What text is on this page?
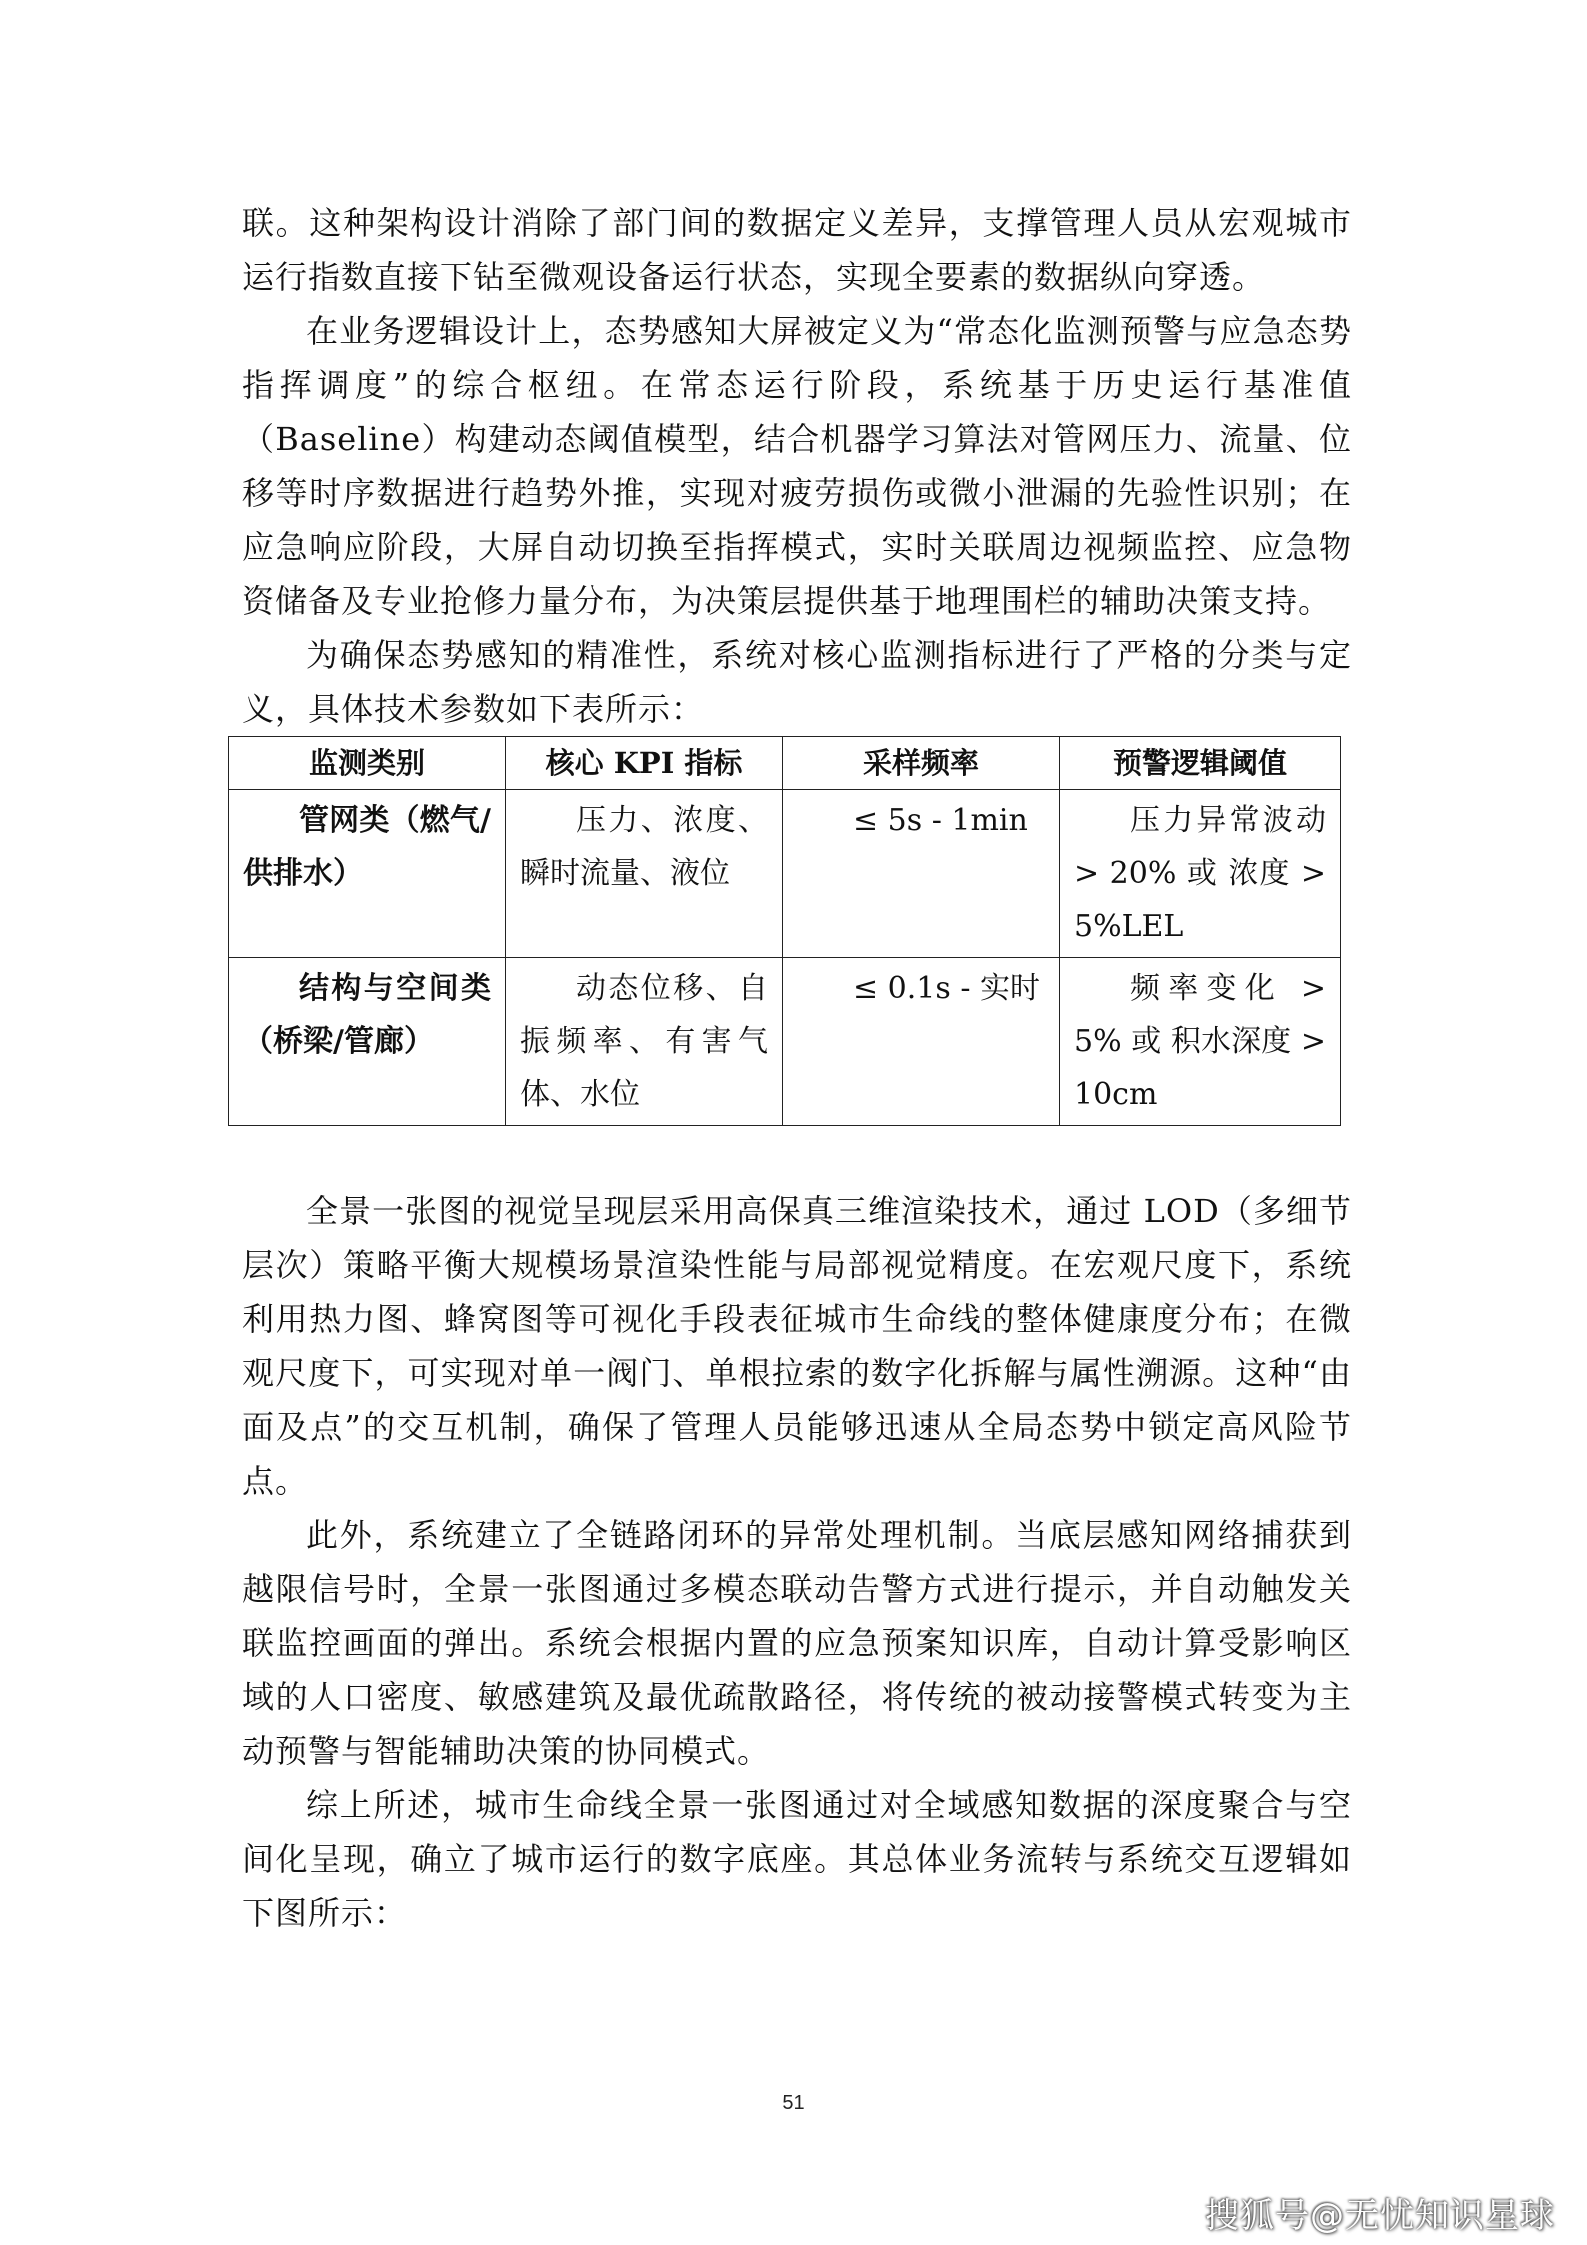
联。这种架构设计消除了部门间的数据定义差异，支撑管理人员从宏观城市运行指数直接下钻至微观设备运行状态，实现全要素的数据纵向穿透。

在业务逻辑设计上，态势感知大屏被定义为“常态化监测预警与应急态势指挥调度”的综合枢纽。在常态运行阶段，系统基于历史运行基准值（Baseline）构建动态阈值模型，结合机器学习算法对管网压力、流量、位移等时序数据进行趋势外推，实现对疲劳损伤或微小泄漏的先验性识别；在应急响应阶段，大屏自动切换至指挥模式，实时关联周边视频监控、应急物资储备及专业抢修力量分布，为决策层提供基于地理围栏的辅助决策支持。

为确保态势感知的精准性，系统对核心监测指标进行了严格的分类与定义，具体技术参数如下表所示：

监测类别	核心 KPI 指标	采样频率	预警逻辑阈值
管网类（燃气/供排水）	压力、浓度、瞬时流量、液位	≤ 5s - 1min	压力异常波动 > 20% 或 浓度 > 5%LEL
结构与空间类（桥梁/管廊）	动态位移、自振频率、有害气体、水位	≤ 0.1s - 实时	频率变化 > 5% 或 积水深度 > 10cm

全景一张图的视觉呈现层采用高保真三维渲染技术，通过 LOD（多细节层次）策略平衡大规模场景渲染性能与局部视觉精度。在宏观尺度下，系统利用热力图、蜂窝图等可视化手段表征城市生命线的整体健康度分布；在微观尺度下，可实现对单一阀门、单根拉索的数字化拆解与属性溯源。这种“由面及点”的交互机制，确保了管理人员能够迅速从全局态势中锁定高风险节点。

此外，系统建立了全链路闭环的异常处理机制。当底层感知网络捕获到越限信号时，全景一张图通过多模态联动告警方式进行提示，并自动触发关联监控画面的弹出。系统会根据内置的应急预案知识库，自动计算受影响区域的人口密度、敏感建筑及最优疏散路径，将传统的被动接警模式转变为主动预警与智能辅助决策的协同模式。

综上所述，城市生命线全景一张图通过对全域感知数据的深度聚合与空间化呈现，确立了城市运行的数字底座。其总体业务流转与系统交互逻辑如下图所示：

51
搜狐号@无忧知识星球
